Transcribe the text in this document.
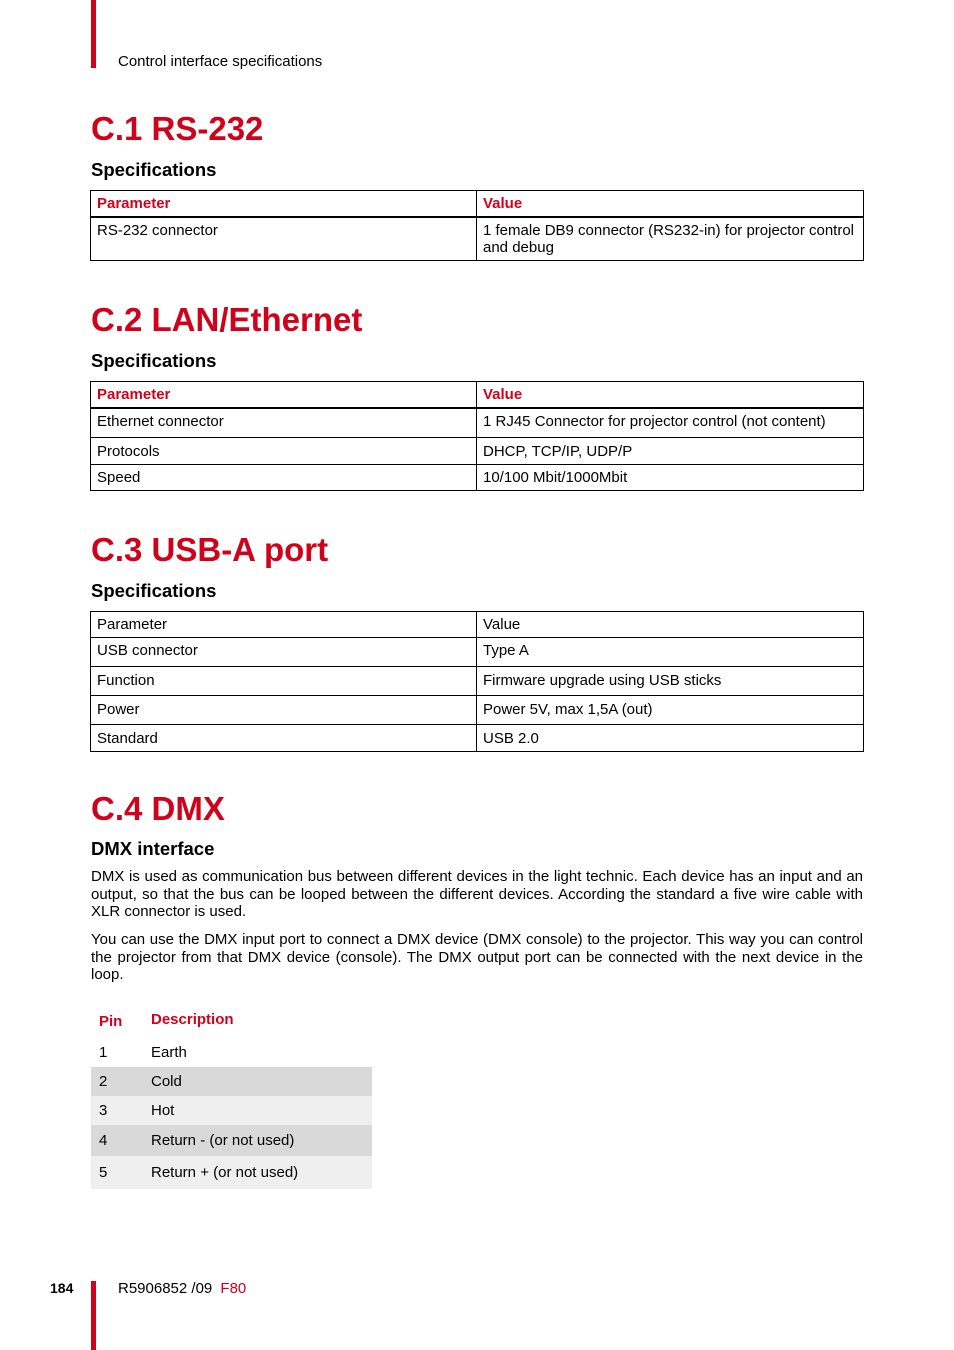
Control interface specifications
C.1 RS-232
Specifications
Parameter	Value
RS-232 connector	1 female DB9 connector (RS232-in) for projector control and debug
C.2 LAN/Ethernet
Specifications
Parameter	Value
Ethernet connector	1 RJ45 Connector for projector control (not content)
Protocols	DHCP, TCP/IP, UDP/P
Speed	10/100 Mbit/1000Mbit
C.3 USB-A port
Specifications
Parameter	Value
USB connector	Type A
Function	Firmware upgrade using USB sticks
Power	Power 5V, max 1,5A (out)
Standard	USB 2.0
C.4 DMX
DMX interface

DMX is used as communication bus between different devices in the light technic. Each device has an input and an output, so that the bus can be looped between the different devices. According the standard a five wire cable with XLR connector is used.

You can use the DMX input port to connect a DMX device (DMX console) to the projector. This way you can control the projector from that DMX device (console). The DMX output port can be connected with the next device in the loop.

Pin	Description
1	Earth
2	Cold
3	Hot
4	Return - (or not used)
5	Return + (or not used)
184	R5906852 /09 F80
